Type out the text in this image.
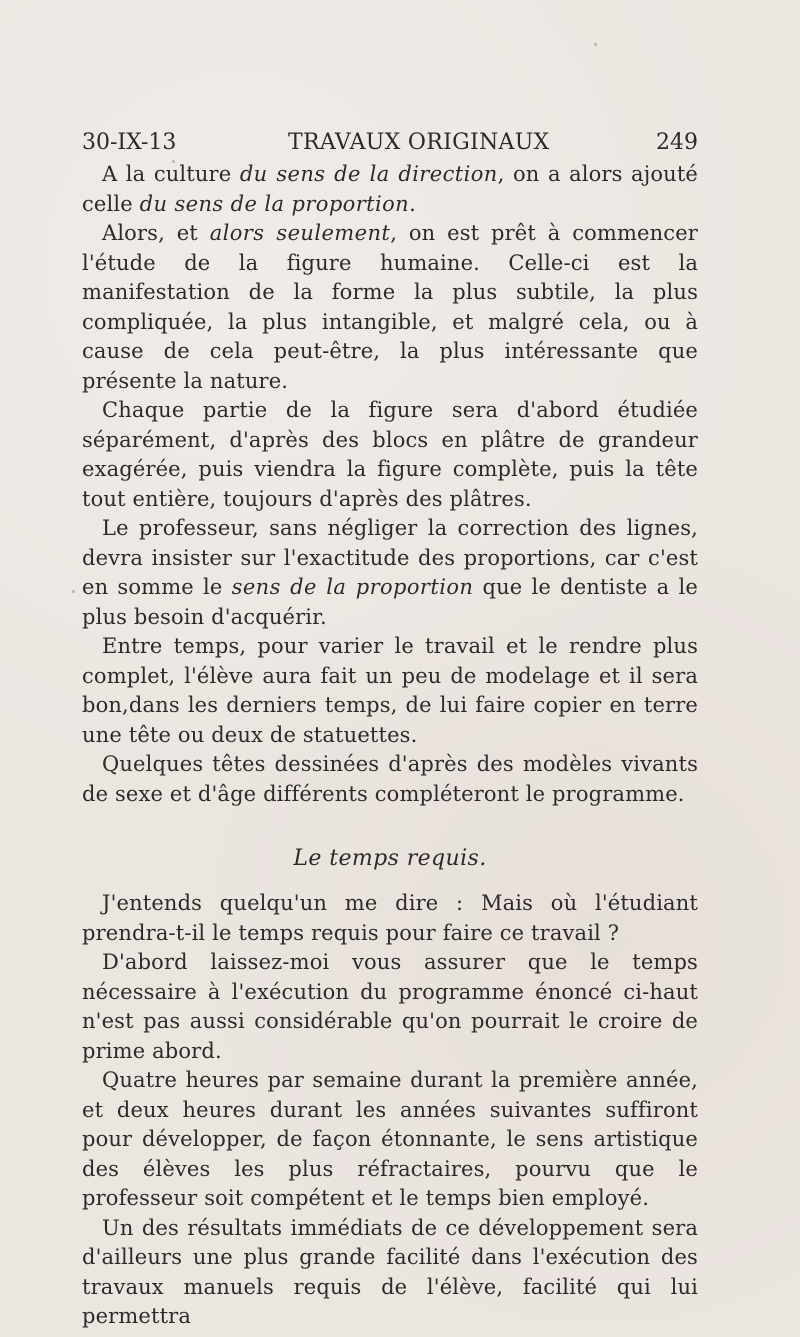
30-IX-13	TRAVAUX ORIGINAUX	249

A la culture du sens de la direction, on a alors ajouté celle du sens de la proportion.

Alors, et alors seulement, on est prêt à commencer l'étude de la figure humaine. Celle-ci est la manifestation de la forme la plus subtile, la plus compliquée, la plus intangible, et malgré cela, ou à cause de cela peut-être, la plus intéressante que présente la nature.

Chaque partie de la figure sera d'abord étudiée séparément, d'après des blocs en plâtre de grandeur exagérée, puis viendra la figure complète, puis la tête tout entière, toujours d'après des plâtres.

Le professeur, sans négliger la correction des lignes, devra insister sur l'exactitude des proportions, car c'est en somme le sens de la proportion que le dentiste a le plus besoin d'acquérir.

Entre temps, pour varier le travail et le rendre plus complet, l'élève aura fait un peu de modelage et il sera bon,dans les derniers temps, de lui faire copier en terre une tête ou deux de statuettes.

Quelques têtes dessinées d'après des modèles vivants de sexe et d'âge différents compléteront le programme.

Le temps requis.

J'entends quelqu'un me dire : Mais où l'étudiant prendra-t-il le temps requis pour faire ce travail ?

D'abord laissez-moi vous assurer que le temps nécessaire à l'exécution du programme énoncé ci-haut n'est pas aussi considérable qu'on pourrait le croire de prime abord.

Quatre heures par semaine durant la première année, et deux heures durant les années suivantes suffiront pour développer, de façon étonnante, le sens artistique des élèves les plus réfractaires, pourvu que le professeur soit compétent et le temps bien employé.

Un des résultats immédiats de ce développement sera d'ailleurs une plus grande facilité dans l'exécution des travaux manuels requis de l'élève, facilité qui lui permettra
